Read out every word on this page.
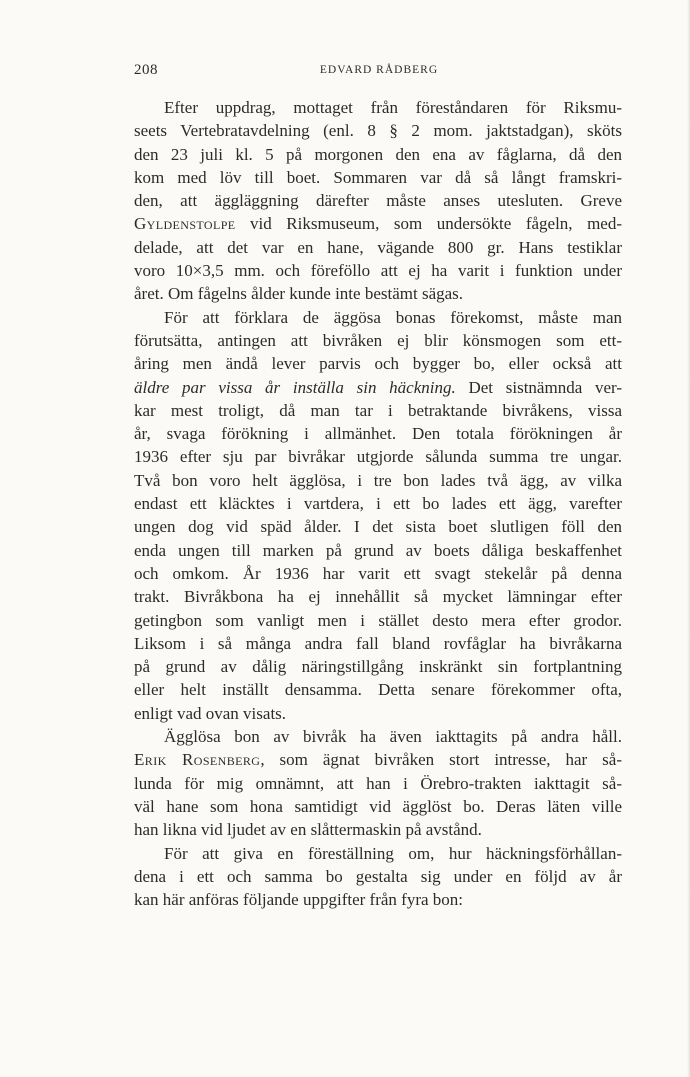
208	EDVARD RÅDBERG
Efter uppdrag, mottaget från föreståndaren för Riksmu-
seets Vertebratavdelning (enl. 8 § 2 mom. jaktstadgan), sköts
den 23 juli kl. 5 på morgonen den ena av fåglarna, då den
kom med löv till boet. Sommaren var då så långt framskri-
den, att äggläggning därefter måste anses utesluten. Greve
Gyldenstolpe vid Riksmuseum, som undersökte fågeln, med-
delade, att det var en hane, vägande 800 gr. Hans testiklar
voro 10×3,5 mm. och föreföllo att ej ha varit i funktion under
året. Om fågelns ålder kunde inte bestämt sägas.
För att förklara de äggösa bonas förekomst, måste man
förutsätta, antingen att bivråken ej blir könsmogen som ett-
åring men ändå lever parvis och bygger bo, eller också att
äldre par vissa år inställa sin häckning. Det sistnämnda ver-
kar mest troligt, då man tar i betraktande bivråkens, vissa
år, svaga förökning i allmänhet. Den totala förökningen år
1936 efter sju par bivråkar utgjorde sålunda summa tre ungar.
Två bon voro helt ägglösa, i tre bon lades två ägg, av vilka
endast ett kläcktes i vartdera, i ett bo lades ett ägg, varefter
ungen dog vid späd ålder. I det sista boet slutligen föll den
enda ungen till marken på grund av boets dåliga beskaffenhet
och omkom. År 1936 har varit ett svagt stekelår på denna
trakt. Bivråkbona ha ej innehållit så mycket lämningar efter
getingbon som vanligt men i stället desto mera efter grodor.
Liksom i så många andra fall bland rovfåglar ha bivråkarna
på grund av dålig näringstillgång inskränkt sin fortplantning
eller helt inställt densamma. Detta senare förekommer ofta,
enligt vad ovan visats.
Ägglösa bon av bivråk ha även iakttagits på andra håll.
Erik Rosenberg, som ägnat bivråken stort intresse, har så-
lunda för mig omnämnt, att han i Örebro-trakten iakttagit så-
väl hane som hona samtidigt vid ägglöst bo. Deras läten ville
han likna vid ljudet av en slåttermaskin på avstånd.
För att giva en föreställning om, hur häckningsförhållan-
dena i ett och samma bo gestalta sig under en följd av år
kan här anföras följande uppgifter från fyra bon:
